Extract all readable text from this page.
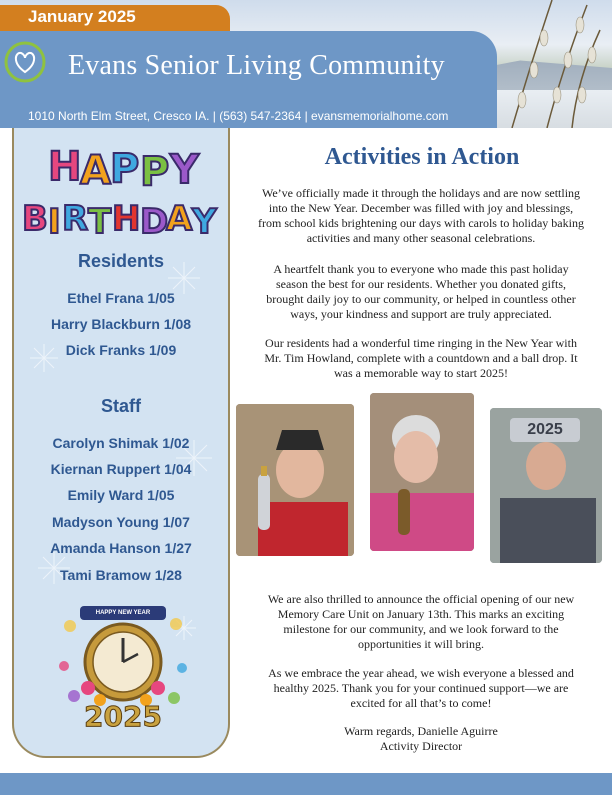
January 2025
Evans Senior Living Community
1010 North Elm Street, Cresco IA. | (563) 547-2364 | evansmemorialhome.com
H
A P P Y
B I R T H D
A Y
Residents
Ethel Frana 1/05
Harry Blackburn 1/08
Dick Franks 1/09
Staff
Carolyn Shimak 1/02
Kiernan Ruppert 1/04
Emily Ward 1/05
Madyson Young 1/07
Amanda Hanson 1/27
Tami Bramow 1/28
HAPPY NEW YEAR
2025
Activities in Action

We’ve officially made it through the holidays and are now settling into the New Year. December was filled with joy and blessings, from school kids brightening our days with carols to holiday baking activities and many other seasonal celebrations.

A heartfelt thank you to everyone who made this past holiday season the best for our residents. Whether you donated gifts, brought daily joy to our community, or helped in countless other ways, your kindness and support are truly appreciated.

Our residents had a wonderful time ringing in the New Year with Mr. Tim Howland, complete with a countdown and a ball drop. It was a memorable way to start 2025!

2025

We are also thrilled to announce the official opening of our new Memory Care Unit on January 13th. This marks an exciting milestone for our community, and we look forward to the opportunities it will bring.

As we embrace the year ahead, we wish everyone a blessed and healthy 2025. Thank you for your continued support—we are excited for all that’s to come!

Warm regards, Danielle Aguirre

Activity Director
